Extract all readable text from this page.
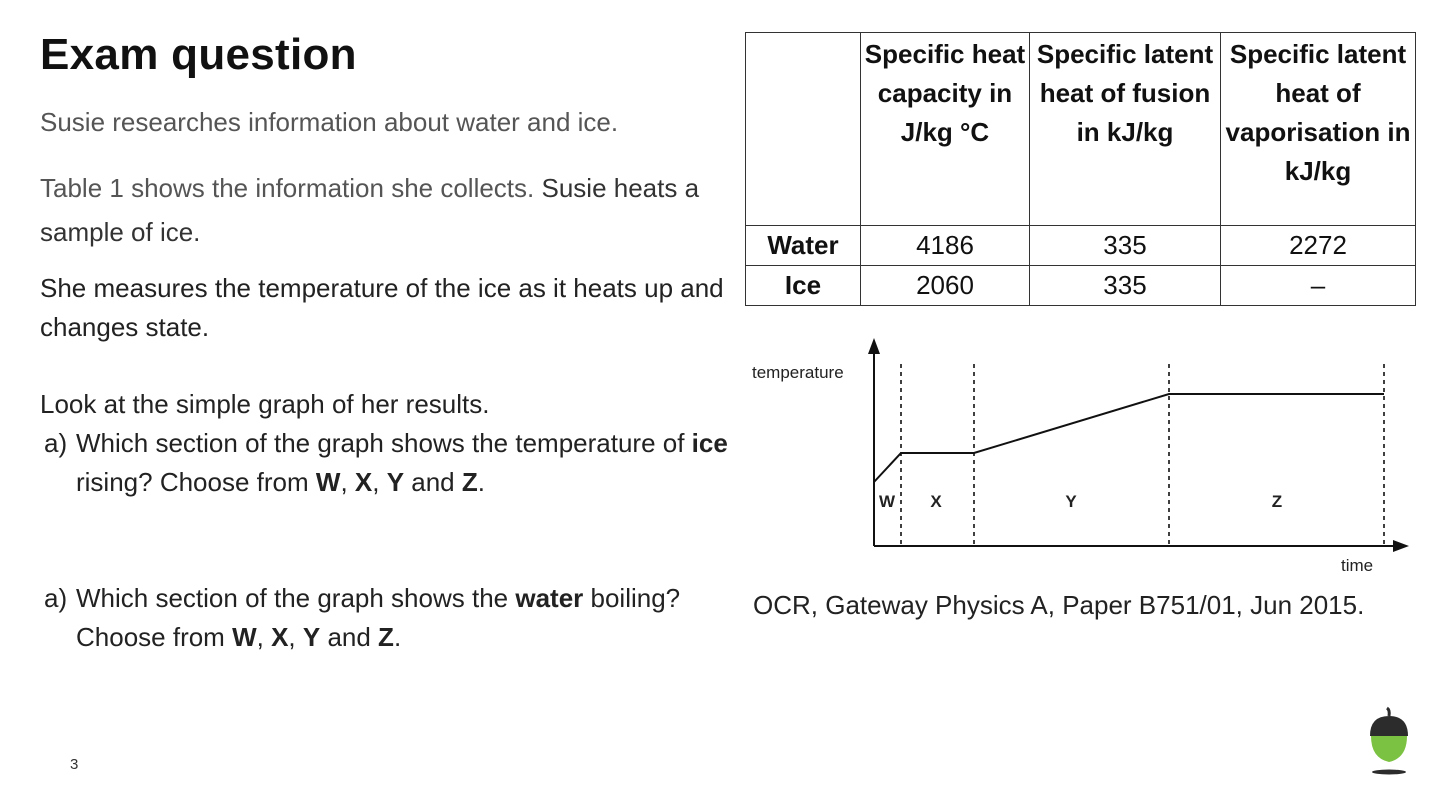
Exam question
Susie researches information about water and ice.
Table 1 shows the information she collects. Susie heats a sample of ice.
She measures the temperature of the ice as it heats up and changes state.
Look at the simple graph of her results.
a) Which section of the graph shows the temperature of ice rising? Choose from W, X, Y and Z.
a) Which section of the graph shows the water boiling?Choose from W, X, Y and Z.
	Specific heat capacity in J/kg °C	Specific latent heat of fusion in kJ/kg	Specific latent heat of vaporisation in kJ/kg
Water	4186	335	2272
Ice	2060	335	–
temperature
time
W X	Y	Z
OCR, Gateway Physics A, Paper B751/01, Jun 2015.
3
